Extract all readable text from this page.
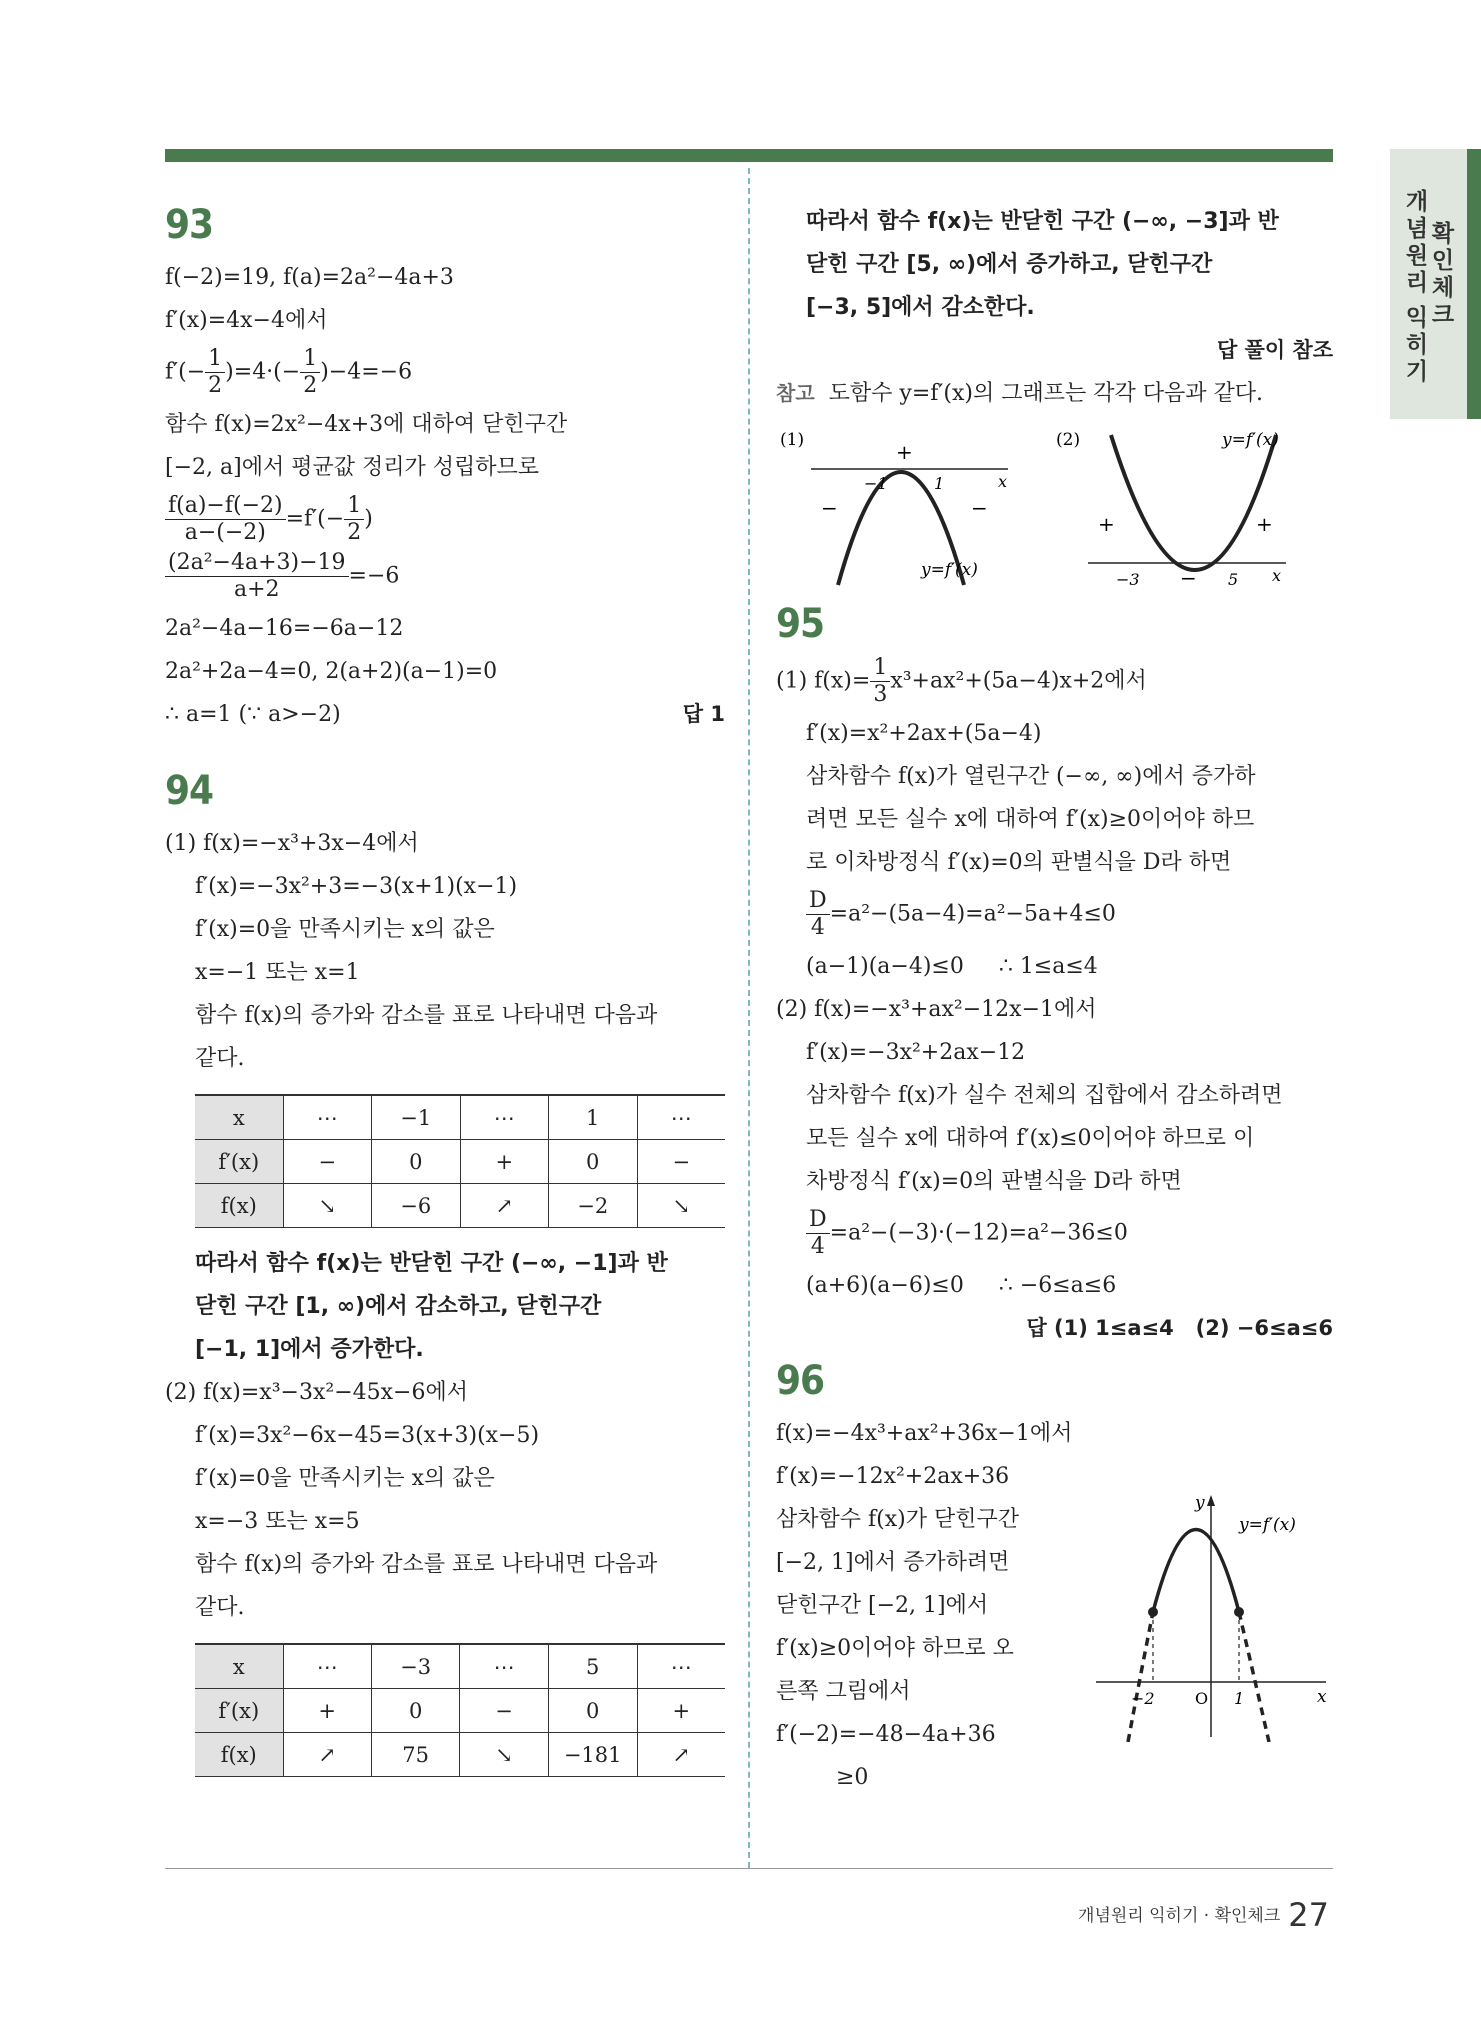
개
념
원
리
익
히
기
확
인
체
크
93
f(−2)=19, f(a)=2a²−4a+3
f′(x)=4x−4에서
$f'(- \frac{1}{2} )=4\cdot(- \frac{1}{2} )-4=-6$
함수 f(x)=2x²−4x+3에 대하여 닫힌구간
[−2, a]에서 평균값 정리가 성립하므로
$\frac{f(a)-f(-2)}{a-(-2)} =f'(- \frac{1}{2}$ )
$\frac{\text{(2a²−4a+3)−19}}{a+2} =-6$
2a²−4a−16=−6a−12
2a²+2a−4=0, 2(a+2)(a−1)=0
∴ a=1 (∵ a>−2)	답 1
94
(1) f(x)=−x³+3x−4에서
f′(x)=−3x²+3=−3(x+1)(x−1)
f′(x)=0을 만족시키는 x의 값은
x=−1 또는 x=1
함수 f(x)의 증가와 감소를 표로 나타내면 다음과
같다.
x	⋯	−1	⋯	1	⋯
f′(x)	−	0	+	0	−
f(x)	↘	−6	↗	−2	↘
따라서 함수 f(x)는 반닫힌 구간 (−∞, −1]과 반
닫힌 구간 [1, ∞)에서 감소하고, 닫힌구간
[−1, 1]에서 증가한다.
(2) f(x)=x³−3x²−45x−6에서
f′(x)=3x²−6x−45=3(x+3)(x−5)
f′(x)=0을 만족시키는 x의 값은
x=−3 또는 x=5
함수 f(x)의 증가와 감소를 표로 나타내면 다음과
같다.
x	⋯	−3	⋯	5	⋯
f′(x)	+	0	−	0	+
f(x)	↗	75	↘	−181	↗
따라서 함수 f(x)는 반닫힌 구간 (−∞, −3]과 반
닫힌 구간 [5, ∞)에서 증가하고, 닫힌구간
[−3, 5]에서 감소한다.
답 풀이 참조
참고 도함수 y=f′(x)의 그래프는 각각 다음과 같다.
(1)
−1	1	x
+
−	−
y=f′(x)
(2)
−3	5 x
+	+
−
y=f′(x)
95
(1) $f(x)= \frac{1}{3} x^3+ax^2+(5a-4)x+2$에서
f′(x)=x²+2ax+(5a−4)
삼차함수 f(x)가 열린구간 (−∞, ∞)에서 증가하
려면 모든 실수 x에 대하여 f′(x)≥0이어야 하므
로 이차방정식 f′(x)=0의 판별식을 D라 하면
$\frac{D}{4} =a^2-(5a-4)=a^2-5a+4\le 0$
(a−1)(a−4)≤0     ∴ 1≤a≤4
(2) f(x)=−x³+ax²−12x−1에서
f′(x)=−3x²+2ax−12
삼차함수 f(x)가 실수 전체의 집합에서 감소하려면
모든 실수 x에 대하여 f′(x)≤0이어야 하므로 이
차방정식 f′(x)=0의 판별식을 D라 하면
$\frac{D}{4} =a^2-(-3)\cdot(-12)=a^2-36\le 0$
(a+6)(a−6)≤0     ∴ −6≤a≤6
답 (1) 1≤a≤4   (2) −6≤a≤6
96
f(x)=−4x³+ax²+36x−1에서
f′(x)=−12x²+2ax+36
삼차함수 f(x)가 닫힌구간
[−2, 1]에서 증가하려면
닫힌구간 [−2, 1]에서
f′(x)≥0이어야 하므로 오
른쪽 그림에서
f′(−2)=−48−4a+36
≥0
−2	O 1	x
y
y=f′(x)
개념원리 익히기 · 확인체크 27
